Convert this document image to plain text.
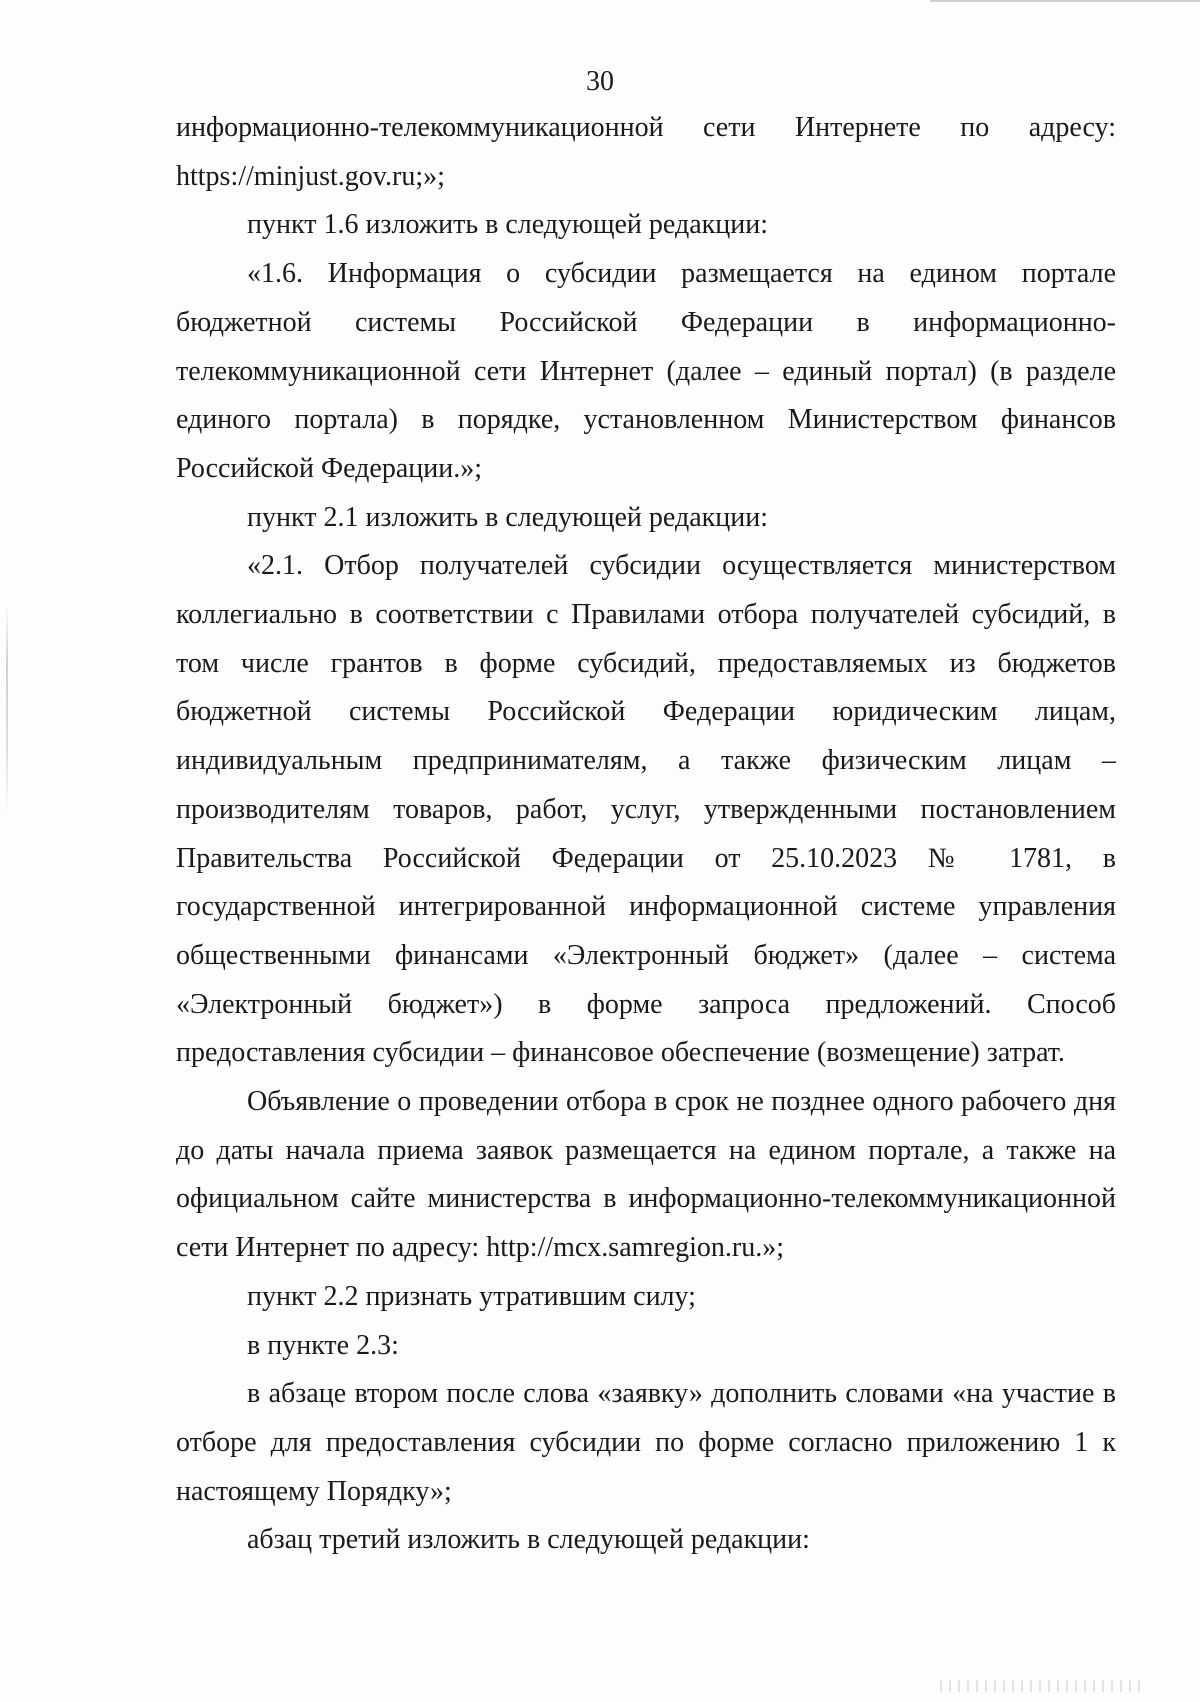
30

информационно-телекоммуникационной сети Интернете по адресу: https://minjust.gov.ru;»;

пункт 1.6 изложить в следующей редакции:

«1.6. Информация о субсидии размещается на едином портале бюджетной системы Российской Федерации в информационно-телекоммуникационной сети Интернет (далее – единый портал) (в разделе единого портала) в порядке, установленном Министерством финансов Российской Федерации.»;

пункт 2.1 изложить в следующей редакции:

«2.1. Отбор получателей субсидии осуществляется министерством коллегиально в соответствии с Правилами отбора получателей субсидий, в том числе грантов в форме субсидий, предоставляемых из бюджетов бюджетной системы Российской Федерации юридическим лицам, индивидуальным предпринимателям, а также физическим лицам – производителям товаров, работ, услуг, утвержденными постановлением Правительства Российской Федерации от 25.10.2023 № 1781, в государственной интегрированной информационной системе управления общественными финансами «Электронный бюджет» (далее – система «Электронный бюджет») в форме запроса предложений. Способ предоставления субсидии – финансовое обеспечение (возмещение) затрат.

Объявление о проведении отбора в срок не позднее одного рабочего дня до даты начала приема заявок размещается на едином портале, а также на официальном сайте министерства в информационно-телекоммуникационной сети Интернет по адресу: http://mcx.samregion.ru.»;

пункт 2.2 признать утратившим силу;

в пункте 2.3:

в абзаце втором после слова «заявку» дополнить словами «на участие в отборе для предоставления субсидии по форме согласно приложению 1 к настоящему Порядку»;

абзац третий изложить в следующей редакции:
